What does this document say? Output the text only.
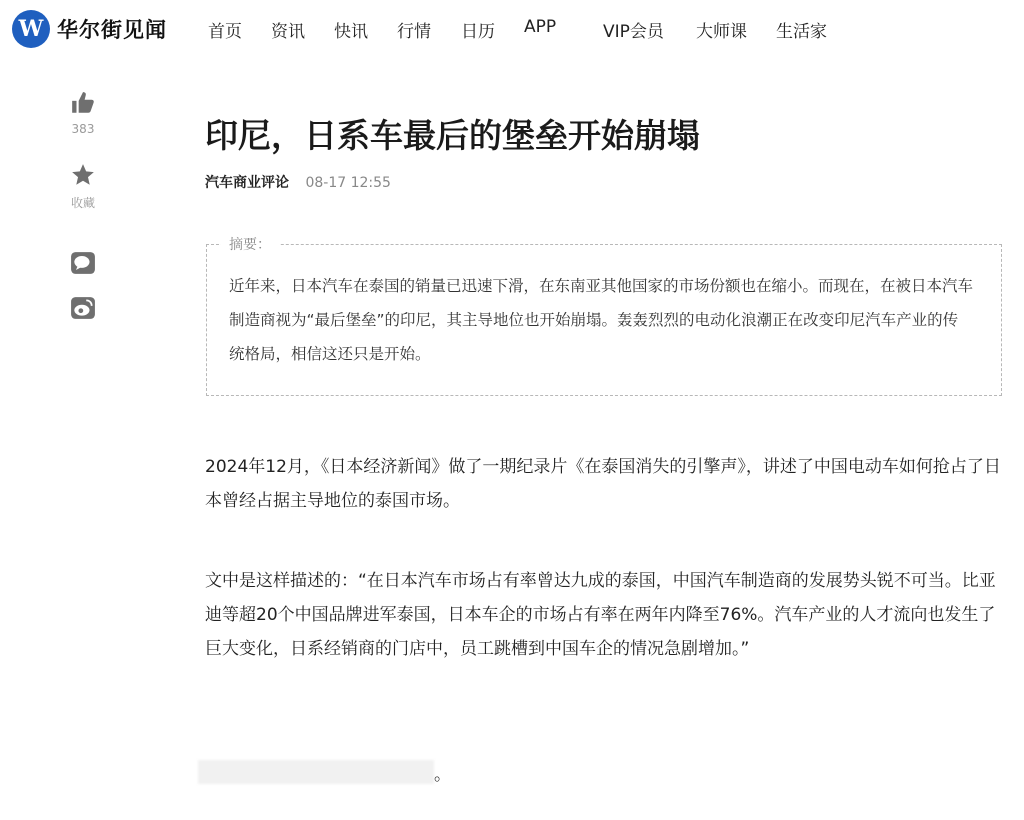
W 华尔街见闻 首页 资讯 快讯 行情 日历 APP	VIP会员 大师课 生活家
383
收藏
印尼，日系车最后的堡垒开始崩塌
汽车商业评论 08-17 12:55
摘要：

近年来，日本汽车在泰国的销量已迅速下滑，在东南亚其他国家的市场份额也在缩小。而现在，在被日本汽车制造商视为“最后堡垒”的印尼，其主导地位也开始崩塌。轰轰烈烈的电动化浪潮正在改变印尼汽车产业的传统格局，相信这还只是开始。

2024年12月，《日本经济新闻》做了一期纪录片《在泰国消失的引擎声》，讲述了中国电动车如何抢占了日本曾经占据主导地位的泰国市场。

文中是这样描述的：“在日本汽车市场占有率曾达九成的泰国，中国汽车制造商的发展势头锐不可当。比亚迪等超20个中国品牌进军泰国，日本车企的市场占有率在两年内降至76%。汽车产业的人才流向也发生了巨大变化，日系经销商的门店中，员工跳槽到中国车企的情况急剧增加。”

。
